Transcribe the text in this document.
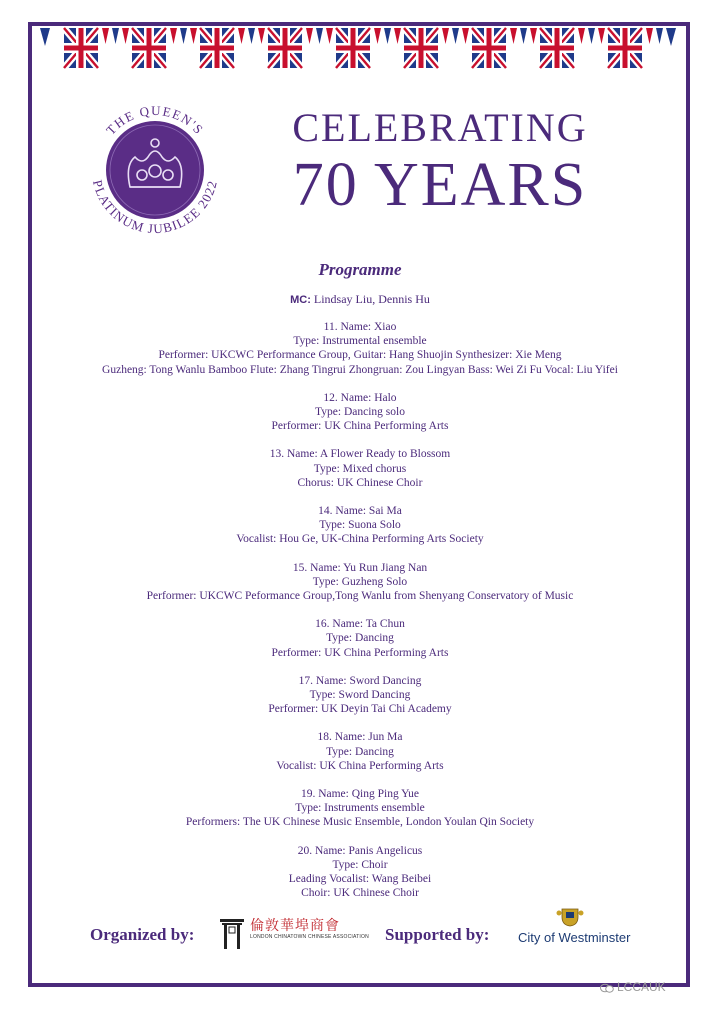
THE QUEEN'S
PLATINUM JUBILEE 2022
CELEBRATING
70 YEARS
Programme
MC: Lindsay Liu, Dennis Hu
11. Name: Xiao
Type: Instrumental ensemble
Performer: UKCWC Performance Group, Guitar: Hang Shuojin Synthesizer: Xie Meng
Guzheng: Tong Wanlu Bamboo Flute: Zhang Tingrui Zhongruan: Zou Lingyan Bass: Wei Zi Fu Vocal: Liu Yifei
12. Name: Halo
Type: Dancing solo
Performer: UK China Performing Arts
13. Name: A Flower Ready to Blossom
Type: Mixed chorus
Chorus: UK Chinese Choir
14. Name: Sai Ma
Type: Suona Solo
Vocalist: Hou Ge, UK-China Performing Arts Society
15. Name: Yu Run Jiang Nan
Type: Guzheng Solo
Performer: UKCWC Peformance Group,Tong Wanlu from Shenyang Conservatory of Music
16. Name: Ta Chun
Type: Dancing
Performer: UK China Performing Arts
17. Name: Sword Dancing
Type: Sword Dancing
Performer: UK Deyin Tai Chi Academy
18. Name: Jun Ma
Type: Dancing
Vocalist: UK China Performing Arts
19. Name: Qing Ping Yue
Type: Instruments ensemble
Performers: The UK Chinese Music Ensemble, London Youlan Qin Society
20. Name: Panis Angelicus
Type: Choir
Leading Vocalist: Wang Beibei
Choir: UK Chinese Choir
Organized by:	倫敦華埠商會
LONDON CHINATOWN CHINESE ASSOCIATION Supported by: City of Westminster
LCCAUK
